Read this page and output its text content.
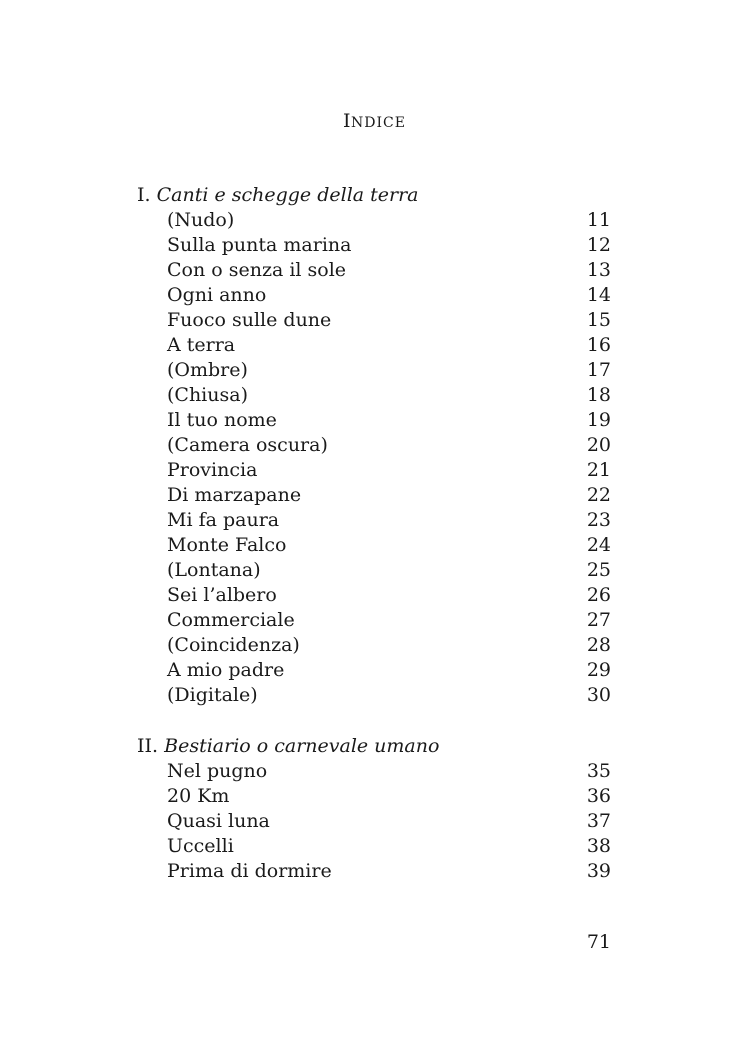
INDICE
I. Canti e schegge della terra
(Nudo)	11
Sulla punta marina	12
Con o senza il sole	13
Ogni anno	14
Fuoco sulle dune	15
A terra	16
(Ombre)	17
(Chiusa)	18
Il tuo nome	19
(Camera oscura)	20
Provincia	21
Di marzapane	22
Mi fa paura	23
Monte Falco	24
(Lontana)	25
Sei l’albero	26
Commerciale	27
(Coincidenza)	28
A mio padre	29
(Digitale)	30
II. Bestiario o carnevale umano
Nel pugno	35
20 Km	36
Quasi luna	37
Uccelli	38
Prima di dormire	39
71
